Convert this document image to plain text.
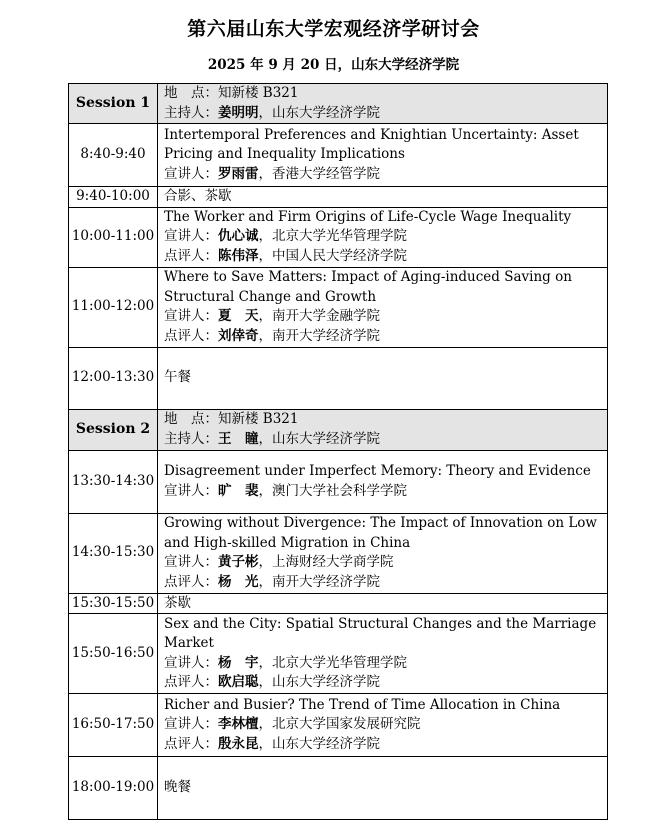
第六届山东大学宏观经济学研讨会
2025 年 9 月 20 日，山东大学经济学院
Session 1	地　点：知新楼 B321
主持人：姜明明，山东大学经济学院

8:40-9:40	Intertemporal Preferences and Knightian Uncertainty: Asset Pricing and Inequality Implications
宣讲人：罗雨雷，香港大学经管学院

9:40-10:00	合影、茶歇

10:00-11:00	The Worker and Firm Origins of Life-Cycle Wage Inequality
宣讲人：仇心诚，北京大学光华管理学院
点评人：陈伟泽，中国人民大学经济学院

11:00-12:00	Where to Save Matters: Impact of Aging-induced Saving on Structural Change and Growth
宣讲人：夏　天，南开大学金融学院
点评人：刘倖奇，南开大学经济学院

12:00-13:30	午餐

Session 2	地　点：知新楼 B321
主持人：王　瞳，山东大学经济学院

13:30-14:30	Disagreement under Imperfect Memory: Theory and Evidence
宣讲人：旷　裴，澳门大学社会科学学院

14:30-15:30	Growing without Divergence: The Impact of Innovation on Low and High-skilled Migration in China
宣讲人：黄子彬，上海财经大学商学院
点评人：杨　光，南开大学经济学院

15:30-15:50	茶歇

15:50-16:50	Sex and the City: Spatial Structural Changes and the Marriage Market
宣讲人：杨　宇，北京大学光华管理学院
点评人：欧启聪，山东大学经济学院

16:50-17:50	Richer and Busier? The Trend of Time Allocation in China
宣讲人：李林檀，北京大学国家发展研究院
点评人：殷永昆，山东大学经济学院

18:00-19:00	晚餐
